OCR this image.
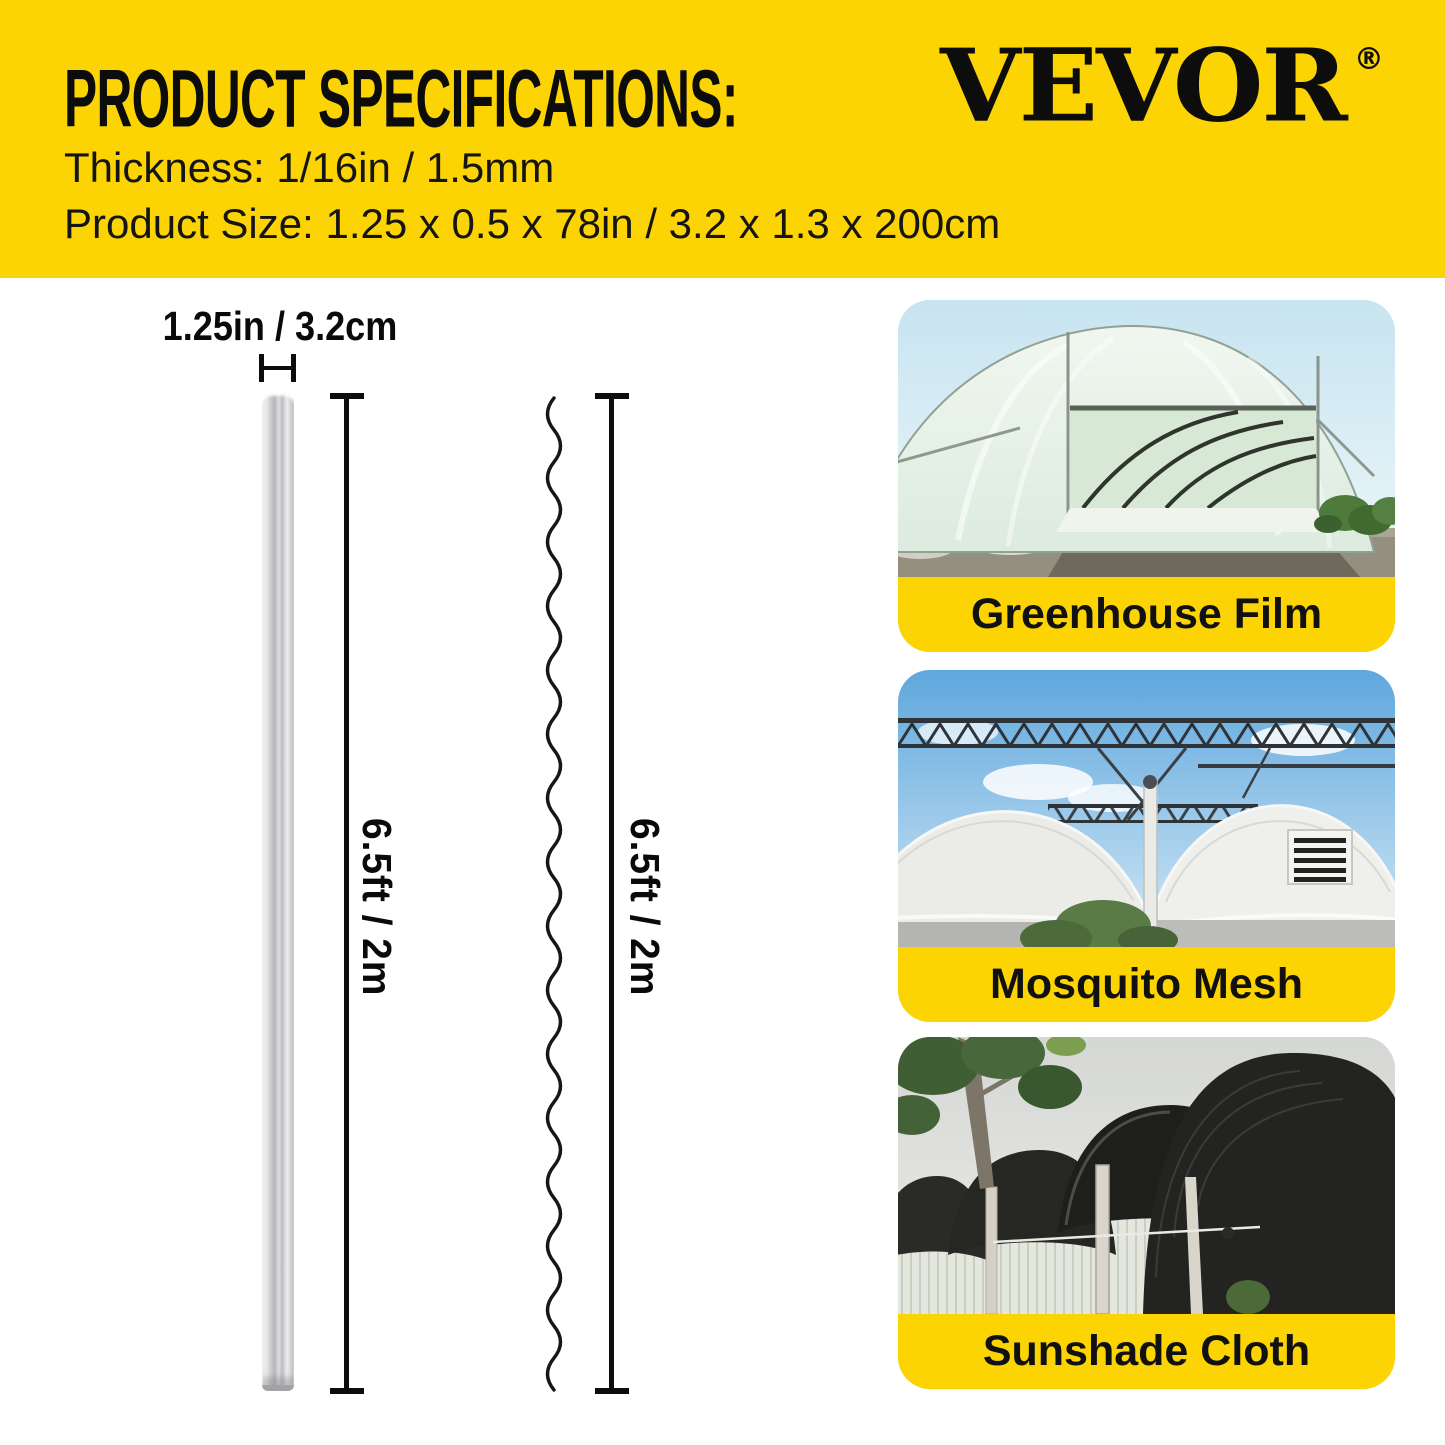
PRODUCT SPECIFICATIONS:
Thickness: 1/16in / 1.5mm
Product Size: 1.25 x 0.5 x 78in / 3.2 x 1.3 x 200cm
VEVOR ®
1.25in / 3.2cm
6.5ft / 2m	6.5ft / 2m
Greenhouse Film
Mosquito Mesh
Sunshade Cloth
